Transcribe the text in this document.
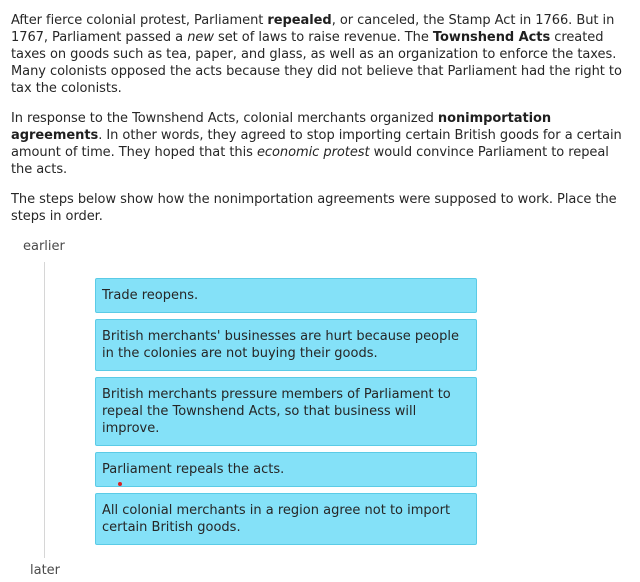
After fierce colonial protest, Parliament repealed, or canceled, the Stamp Act in 1766. But in 1767, Parliament passed a new set of laws to raise revenue. The Townshend Acts created taxes on goods such as tea, paper, and glass, as well as an organization to enforce the taxes. Many colonists opposed the acts because they did not believe that Parliament had the right to tax the colonists.

In response to the Townshend Acts, colonial merchants organized nonimportation agreements. In other words, they agreed to stop importing certain British goods for a certain amount of time. They hoped that this economic protest would convince Parliament to repeal the acts.

The steps below show how the nonimportation agreements were supposed to work. Place the steps in order.

earlier
Trade reopens.
British merchants' businesses are hurt because people in the colonies are not buying their goods.
British merchants pressure members of Parliament to repeal the Townshend Acts, so that business will improve.
Parliament repeals the acts.
All colonial merchants in a region agree not to import certain British goods.
later
